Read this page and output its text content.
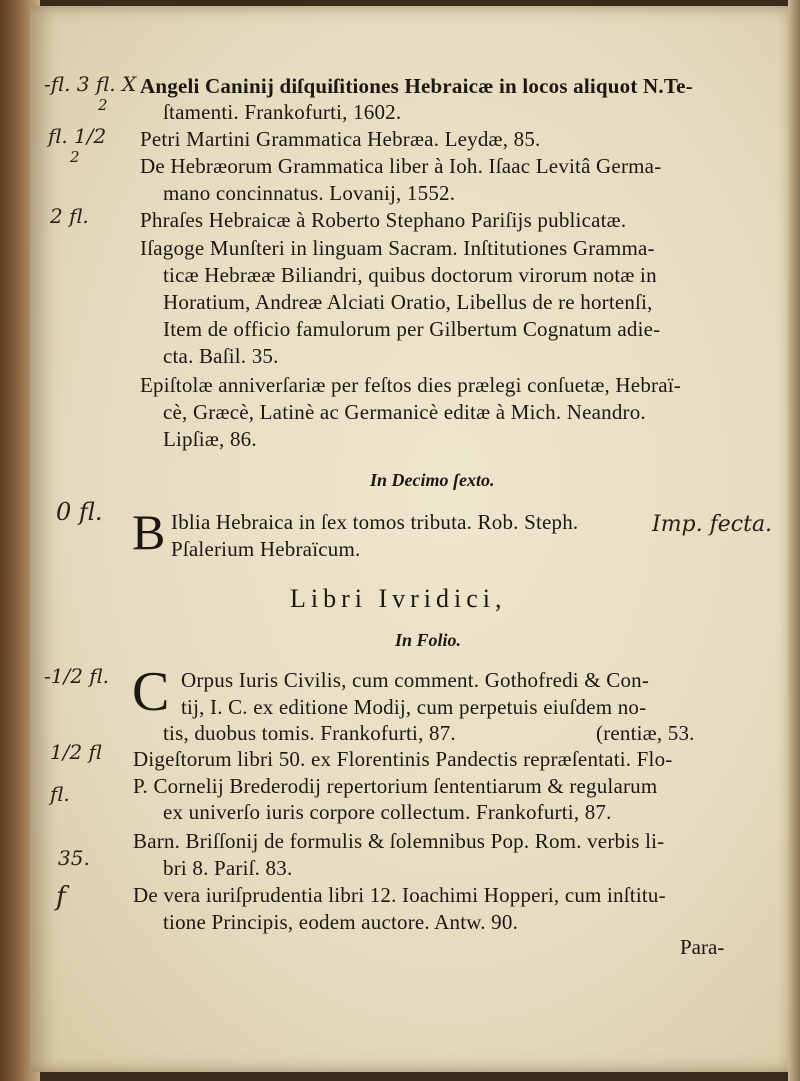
Angeli Caninij diſquiſitiones Hebraicæ in locos aliquot N.Te-
ſtamenti. Frankofurti, 1602.
Petri Martini Grammatica Hebræa. Leydæ, 85.
De Hebræorum Grammatica liber à Ioh. Iſaac Levitâ Germa-
mano concinnatus. Lovanij, 1552.
Phraſes Hebraicæ à Roberto Stephano Pariſijs publicatæ.
Iſagoge Munſteri in linguam Sacram. Inſtitutiones Gramma-
ticæ Hebrææ Biliandri, quibus doctorum virorum notæ in
Horatium, Andreæ Alciati Oratio, Libellus de re hortenſi,
Item de officio famulorum per Gilbertum Cognatum adie-
cta. Baſil. 35.
Epiſtolæ anniverſariæ per feſtos dies prælegi conſuetæ, Hebraï-
cè, Græcè, Latinè ac Germanicè editæ à Mich. Neandro.
Lipſiæ, 86.
In Decimo ſexto.
B Iblia Hebraica in ſex tomos tributa. Rob. Steph.
Pſalerium Hebraïcum.
Libri Ivridici,
In Folio.
C Orpus Iuris Civilis, cum comment. Gothofredi & Con-
tij, I. C. ex editione Modij, cum perpetuis eiuſdem no-
tis, duobus tomis. Frankofurti, 87.	(rentiæ, 53.
Digeſtorum libri 50. ex Florentinis Pandectis repræſentati. Flo-
P. Cornelij Brederodij repertorium ſententiarum & regularum
ex univerſo iuris corpore collectum. Frankofurti, 87.
Barn. Briſſonij de formulis & ſolemnibus Pop. Rom. verbis li-
bri 8. Pariſ. 83.
De vera iuriſprudentia libri 12. Ioachimi Hopperi, cum inſtitu-
tione Principis, eodem auctore. Antw. 90.
Para-
-fl. 3 fl. X
2
fl. 1/2
2
2 fl.
0 fl.	Imp. fecta.
-1/2 fl.
1/2 fl
fl.
35.
f
